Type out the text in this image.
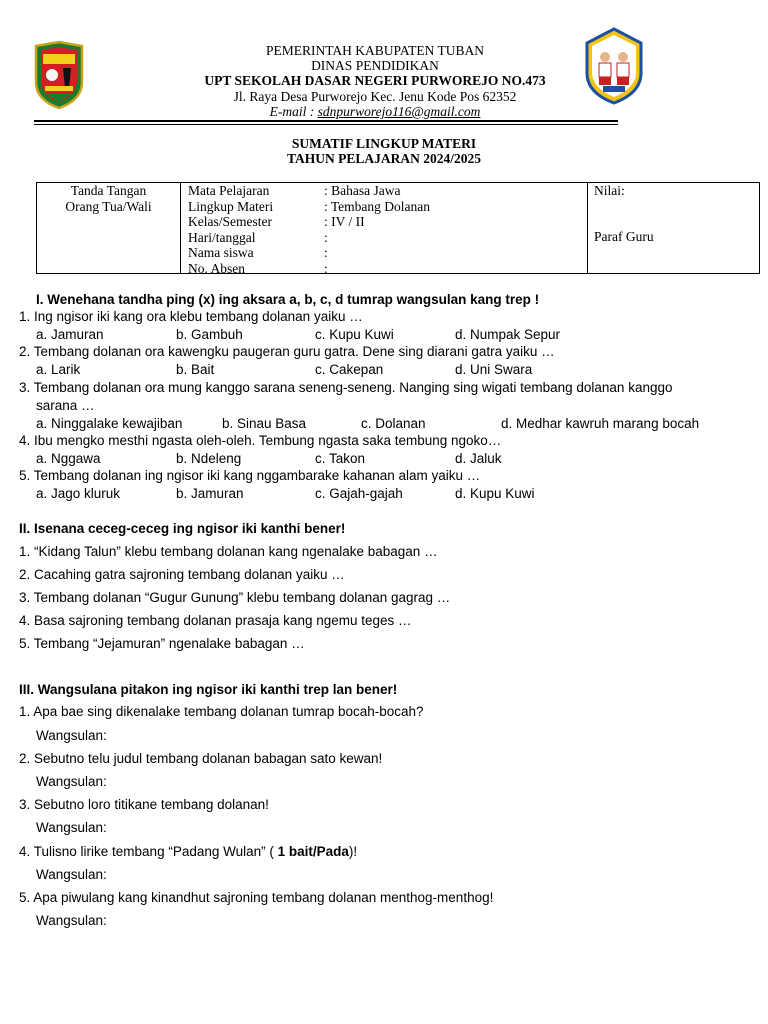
PEMERINTAH KABUPATEN TUBAN
DINAS PENDIDIKAN
UPT SEKOLAH DASAR NEGERI PURWOREJO NO.473
Jl. Raya Desa Purworejo Kec. Jenu Kode Pos 62352
E-mail : sdnpurworejo116@gmail.com
SUMATIF LINGKUP MATERI
TAHUN PELAJARAN 2024/2025
Tanda Tangan
Orang Tua/Wali
Mata Pelajaran	: Bahasa Jawa
Lingkup Materi	: Tembang Dolanan
Kelas/Semester	: IV / II
Hari/tanggal	:
Nama siswa	:
No. Absen	:
Nilai:
Paraf Guru
I. Wenehana tandha ping (x) ing aksara a, b, c, d tumrap wangsulan kang trep !
1. Ing ngisor iki kang ora klebu tembang dolanan yaiku …
a. Jamuran	b. Gambuh	c. Kupu Kuwi	d. Numpak Sepur
2. Tembang dolanan ora kawengku paugeran guru gatra. Dene sing diarani gatra yaiku …
a. Larik	b. Bait	c. Cakepan	d. Uni Swara
3. Tembang dolanan ora mung kanggo sarana seneng-seneng. Nanging sing wigati tembang dolanan kanggo
sarana …
a. Ninggalake kewajiban	b. Sinau Basa	c. Dolanan	d. Medhar kawruh marang bocah
4. Ibu mengko mesthi ngasta oleh-oleh. Tembung ngasta saka tembung ngoko…
a. Nggawa	b. Ndeleng	c. Takon	d. Jaluk
5. Tembang dolanan ing ngisor iki kang nggambarake kahanan alam yaiku …
a. Jago kluruk	b. Jamuran	c. Gajah-gajah	d. Kupu Kuwi
II. Isenana ceceg-ceceg ing ngisor iki kanthi bener!
1. “Kidang Talun” klebu tembang dolanan kang ngenalake babagan …
2. Cacahing gatra sajroning tembang dolanan yaiku …
3. Tembang dolanan “Gugur Gunung” klebu tembang dolanan gagrag …
4. Basa sajroning tembang dolanan prasaja kang ngemu teges …
5. Tembang “Jejamuran” ngenalake babagan …
III. Wangsulana pitakon ing ngisor iki kanthi trep lan bener!
1. Apa bae sing dikenalake tembang dolanan tumrap bocah-bocah?
Wangsulan:
2. Sebutno telu judul tembang dolanan babagan sato kewan!
Wangsulan:
3. Sebutno loro titikane tembang dolanan!
Wangsulan:
4. Tulisno lirike tembang “Padang Wulan” ( 1 bait/Pada)!
Wangsulan:
5. Apa piwulang kang kinandhut sajroning tembang dolanan menthog-menthog!
Wangsulan:
